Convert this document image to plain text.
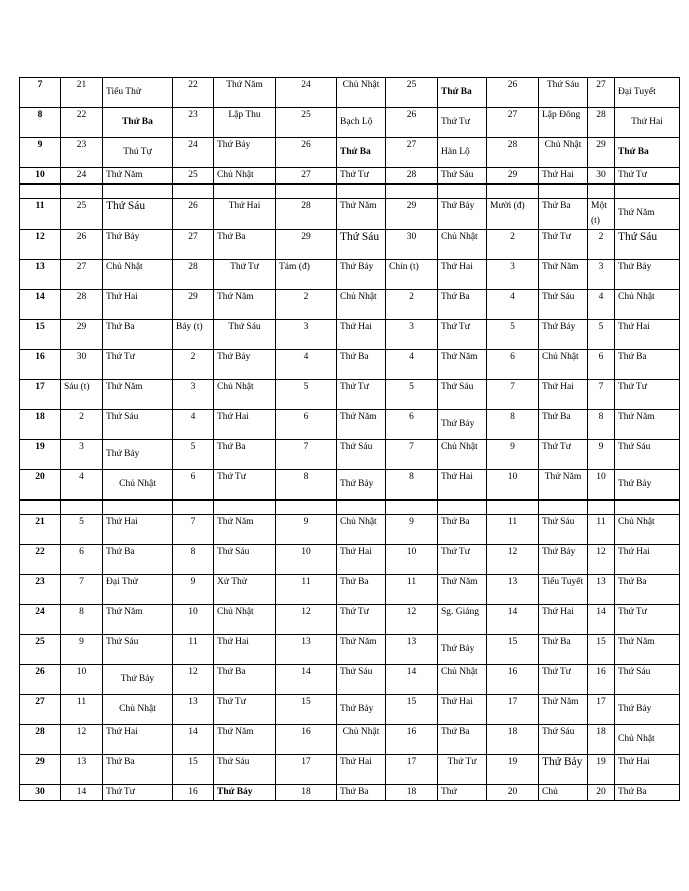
7	21	Tiểu Thử	22	Thứ Năm	24	Chủ Nhật	25	Thứ Ba	26	Thứ Sáu	27	Đại Tuyết
8	22	Thứ Ba	23	Lập Thu	25	Bạch Lộ	26	Thứ Tư	27	Lập Đông	28	Thứ Hai
9	23	Thú Tự	24	Thứ Bảy	26	Thứ Ba	27	Hàn Lộ	28	Chủ Nhật	29	Thứ Ba
10	24	Thứ Năm	25	Chủ Nhật	27	Thứ Tư	28	Thứ Sáu	29	Thứ Hai	30	Thứ Tư

11	25	Thứ Sáu	26	Thứ Hai	28	Thứ Năm	29	Thứ Bảy	Mười (đ)	Thứ Ba	Một (t)	Thứ Năm
12	26	Thứ Bảy	27	Thứ Ba	29	Thứ Sáu	30	Chủ Nhật	2	Thứ Tư	2	Thứ Sáu
13	27	Chủ Nhật	28	Thứ Tư	Tám (đ)	Thứ Bảy	Chín (t)	Thứ Hai	3	Thứ Năm	3	Thứ Bảy
14	28	Thứ Hai	29	Thứ Năm	2	Chủ Nhật	2	Thứ Ba	4	Thứ Sáu	4	Chủ Nhật
15	29	Thứ Ba	Bảy (t)	Thứ Sáu	3	Thứ Hai	3	Thứ Tư	5	Thứ Bảy	5	Thứ Hai
16	30	Thứ Tư	2	Thứ Bảy	4	Thứ Ba	4	Thứ Năm	6	Chủ Nhật	6	Thứ Ba
17	Sáu (t)	Thứ Năm	3	Chủ Nhật	5	Thứ Tư	5	Thứ Sáu	7	Thứ Hai	7	Thứ Tư
18	2	Thứ Sáu	4	Thứ Hai	6	Thứ Năm	6	Thứ Bảy	8	Thứ Ba	8	Thứ Năm
19	3	Thứ Bảy	5	Thứ Ba	7	Thứ Sáu	7	Chủ Nhật	9	Thứ Tư	9	Thứ Sáu
20	4	Chủ Nhật	6	Thứ Tư	8	Thứ Bảy	8	Thứ Hai	10	Thứ Năm	10	Thứ Bảy

21	5	Thứ Hai	7	Thứ Năm	9	Chủ Nhật	9	Thứ Ba	11	Thứ Sáu	11	Chủ Nhật
22	6	Thứ Ba	8	Thứ Sáu	10	Thứ Hai	10	Thứ Tư	12	Thứ Bảy	12	Thứ Hai
23	7	Đại Thử	9	Xử Thử	11	Thứ Ba	11	Thứ Năm	13	Tiểu Tuyết	13	Thứ Ba
24	8	Thứ Năm	10	Chủ Nhật	12	Thứ Tư	12	Sg. Giáng	14	Thứ Hai	14	Thứ Tư
25	9	Thứ Sáu	11	Thứ Hai	13	Thứ Năm	13	Thứ Bảy	15	Thứ Ba	15	Thứ Năm
26	10	Thứ Bảy	12	Thứ Ba	14	Thứ Sáu	14	Chủ Nhật	16	Thứ Tư	16	Thứ Sáu
27	11	Chủ Nhật	13	Thứ Tư	15	Thứ Bảy	15	Thứ Hai	17	Thứ Năm	17	Thứ Bảy
28	12	Thứ Hai	14	Thứ Năm	16	Chủ Nhật	16	Thứ Ba	18	Thứ Sáu	18	Chủ Nhật
29	13	Thứ Ba	15	Thứ Sáu	17	Thứ Hai	17	Thứ Tư	19	Thứ Bảy	19	Thứ Hai
30	14	Thứ Tư	16	Thứ Bảy	18	Thứ Ba	18	Thứ	20	Chủ	20	Thứ Ba
